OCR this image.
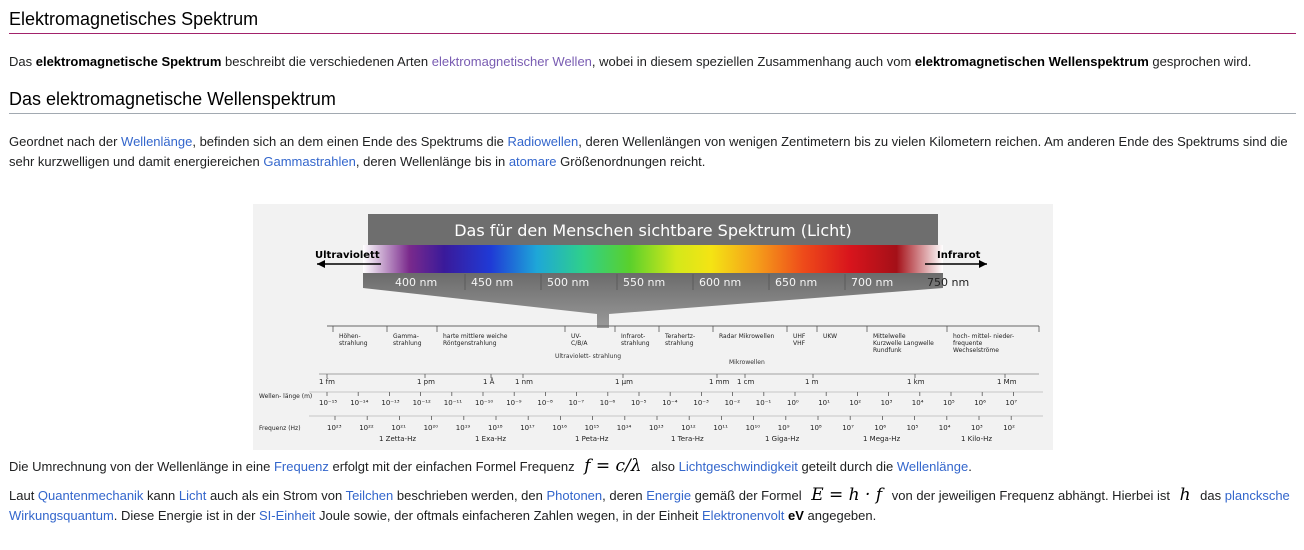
Elektromagnetisches Spektrum

Das elektromagnetische Spektrum beschreibt die verschiedenen Arten elektromagnetischer Wellen, wobei in diesem speziellen Zusammenhang auch vom elektromagnetischen Wellenspektrum gesprochen wird.

Das elektromagnetische Wellenspektrum

Geordnet nach der Wellenlänge, befinden sich an dem einen Ende des Spektrums die Radiowellen, deren Wellenlängen von wenigen Zentimetern bis zu vielen Kilometern reichen. Am anderen Ende des Spektrums sind die sehr kurzwelligen und damit energiereichen Gammastrahlen, deren Wellenlänge bis in atomare Größenordnungen reicht.

Das für den Menschen sichtbare Spektrum (Licht)
Ultraviolett	Infrarot
400 nm	450 nm	500 nm	550 nm	600 nm	650 nm	700 nm	750 nm
Höhen-strahlung
Gamma-strahlung
harte mittlere weiche Röntgenstrahlung
UV-C/B/A
Infrarot-strahlung
Terahertz-strahlung
Radar Mikrowellen	UHF VHF
UKW	Mittelwelle Kurzwelle Langwelle Rundfunk
hoch- mittel- nieder-frequente Wechselströme
Ultraviolett- strahlung
Mikrowellen
1 fm	1 pm	1 Å	1 nm	1 µm	1 mm 1 cm	1 m	1 km	1 Mm
Wellen- länge (m)
10⁻¹⁵ 10⁻¹⁴ 10⁻¹³ 10⁻¹² 10⁻¹¹ 10⁻¹⁰ 10⁻⁹ 10⁻⁸ 10⁻⁷ 10⁻⁶ 10⁻⁵ 10⁻⁴ 10⁻³ 10⁻² 10⁻¹ 10⁰	10¹	10²	10³	10⁴	10⁵	10⁶	10⁷
Frequenz (Hz)	10²³	10²²	10²¹	10²⁰	10¹⁹	10¹⁸	10¹⁷	10¹⁶	10¹⁵	10¹⁴	10¹³	10¹²	10¹¹	10¹⁰	10⁹	10⁸	10⁷	10⁶	10⁵	10⁴	10³	10²
1 Zetta-Hz	1 Exa-Hz	1 Peta-Hz	1 Tera-Hz	1 Giga-Hz	1 Mega-Hz	1 Kilo-Hz

Die Umrechnung von der Wellenlänge in eine Frequenz erfolgt mit der einfachen Formel Frequenz f = c/λ also Lichtgeschwindigkeit geteilt durch die Wellenlänge.

Laut Quantenmechanik kann Licht auch als ein Strom von Teilchen beschrieben werden, den Photonen, deren Energie gemäß der Formel E = h · f von der jeweiligen Frequenz abhängt. Hierbei ist h das plancksche Wirkungsquantum. Diese Energie ist in der SI-Einheit Joule sowie, der oftmals einfacheren Zahlen wegen, in der Einheit Elektronenvolt eV angegeben.
